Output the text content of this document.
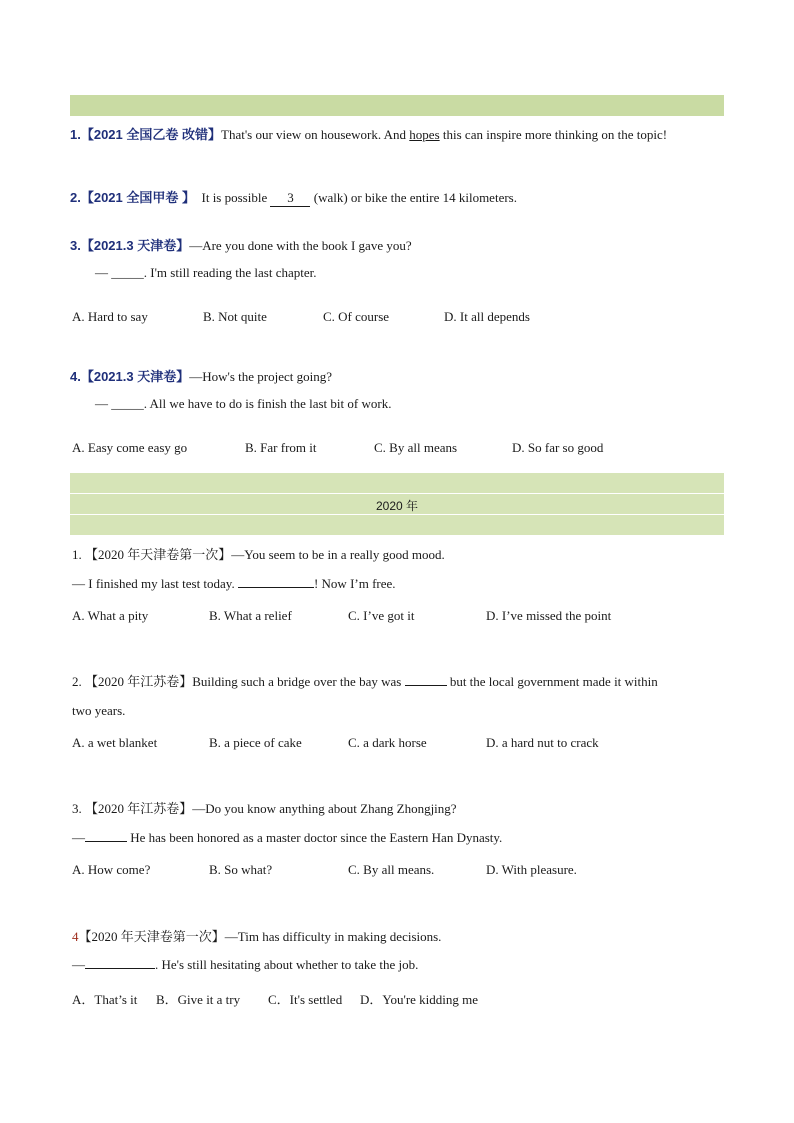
1.【2021 全国乙卷 改错】That's our view on housework. And hopes this can inspire more thinking on the topic!
2.【2021 全国甲卷 】  It is possible 3 (walk) or bike the entire 14 kilometers.
3.【2021.3 天津卷】—Are you done with the book I gave you?
— _____. I'm still reading the last chapter.
A. Hard to say	B. Not quite	C. Of course	D. It all depends
4.【2021.3 天津卷】—How's the project going?
— _____. All we have to do is finish the last bit of work.
A. Easy come easy go	B. Far from it	C. By all means	D. So far so good
2020 年
1. 【2020 年天津卷第一次】—You seem to be in a really good mood.
— I finished my last test today.	! Now I’m free.
A. What a pity	B. What a relief	C. I’ve got it	D. I’ve missed the point
2. 【2020 年江苏卷】Building such a bridge over the bay was	but the local government made it within
two years.
A. a wet blanket	B. a piece of cake	C. a dark horse	D. a hard nut to crack
3. 【2020 年江苏卷】—Do you know anything about Zhang Zhongjing?
—	He has been honored as a master doctor since the Eastern Han Dynasty.
A. How come?	B. So what?	C. By all means.	D. With pleasure.
4【2020 年天津卷第一次】—Tim has difficulty in making decisions.
—	. He's still hesitating about whether to take the job.
A．That’s it B．Give it a try C．It's settled D．You're kidding me
